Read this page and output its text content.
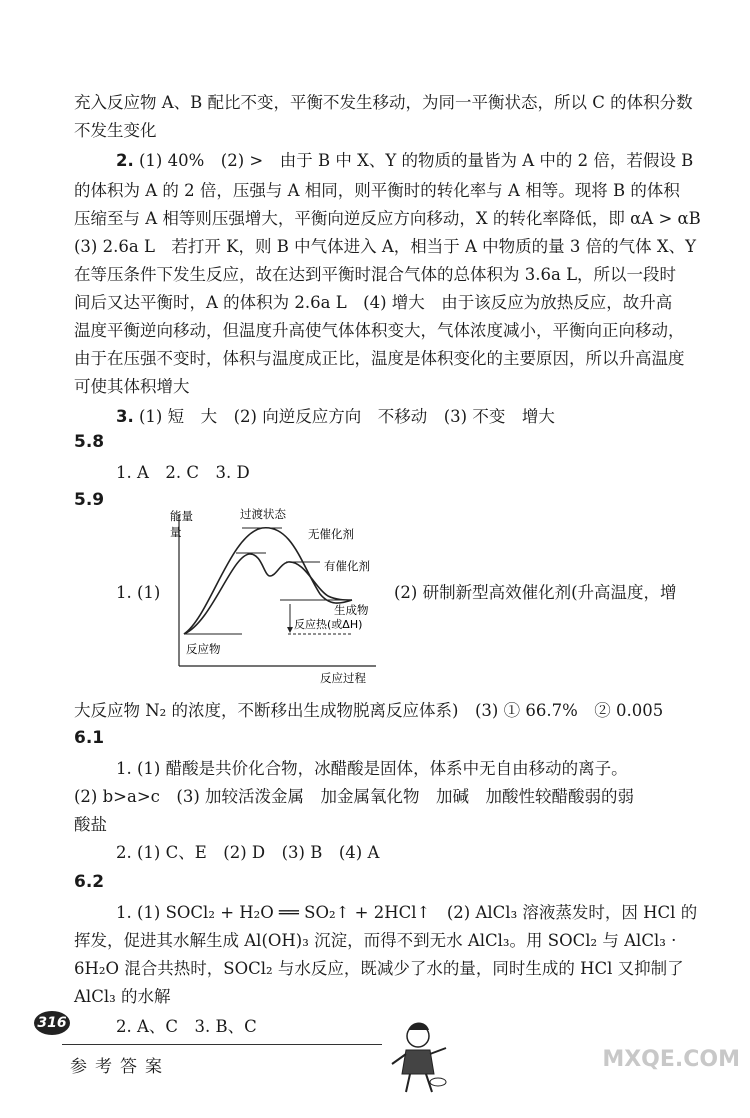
充入反应物 A、B 配比不变，平衡不发生移动，为同一平衡状态，所以 C 的体积分数
不发生变化
2. (1) 40%　(2) >　由于 B 中 X、Y 的物质的量皆为 A 中的 2 倍，若假设 B
的体积为 A 的 2 倍，压强与 A 相同，则平衡时的转化率与 A 相等。现将 B 的体积
压缩至与 A 相等则压强增大，平衡向逆反应方向移动，X 的转化率降低，即 αA > αB
(3) 2.6a L　若打开 K，则 B 中气体进入 A，相当于 A 中物质的量 3 倍的气体 X、Y
在等压条件下发生反应，故在达到平衡时混合气体的总体积为 3.6a L，所以一段时
间后又达平衡时，A 的体积为 2.6a L　(4) 增大　由于该反应为放热反应，故升高
温度平衡逆向移动，但温度升高使气体体积变大，气体浓度减小，平衡向正向移动，
由于在压强不变时，体积与温度成正比，温度是体积变化的主要原因，所以升高温度
可使其体积增大
3. (1) 短　大　(2) 向逆反应方向　不移动　(3) 不变　增大
5.8
1. A　2. C　3. D
5.9
1. (1)
能量
量
反应物
过渡状态
无催化剂
有催化剂
生成物
反应热(或ΔH)
反应过程
(2) 研制新型高效催化剂(升高温度，增
大反应物 N₂ 的浓度，不断移出生成物脱离反应体系)　(3) ① 66.7%　② 0.005
6.1
1. (1) 醋酸是共价化合物，冰醋酸是固体，体系中无自由移动的离子。
(2) b>a>c　(3) 加较活泼金属　加金属氧化物　加碱　加酸性较醋酸弱的弱
酸盐
2. (1) C、E　(2) D　(3) B　(4) A
6.2
1. (1) SOCl₂ + H₂O ══ SO₂↑ + 2HCl↑　(2) AlCl₃ 溶液蒸发时，因 HCl 的
挥发，促进其水解生成 Al(OH)₃ 沉淀，而得不到无水 AlCl₃。用 SOCl₂ 与 AlCl₃ ·
6H₂O 混合共热时，SOCl₂ 与水反应，既减少了水的量，同时生成的 HCl 又抑制了
AlCl₃ 的水解
2. A、C　3. B、C
316
参考答案	MXQE.COM
